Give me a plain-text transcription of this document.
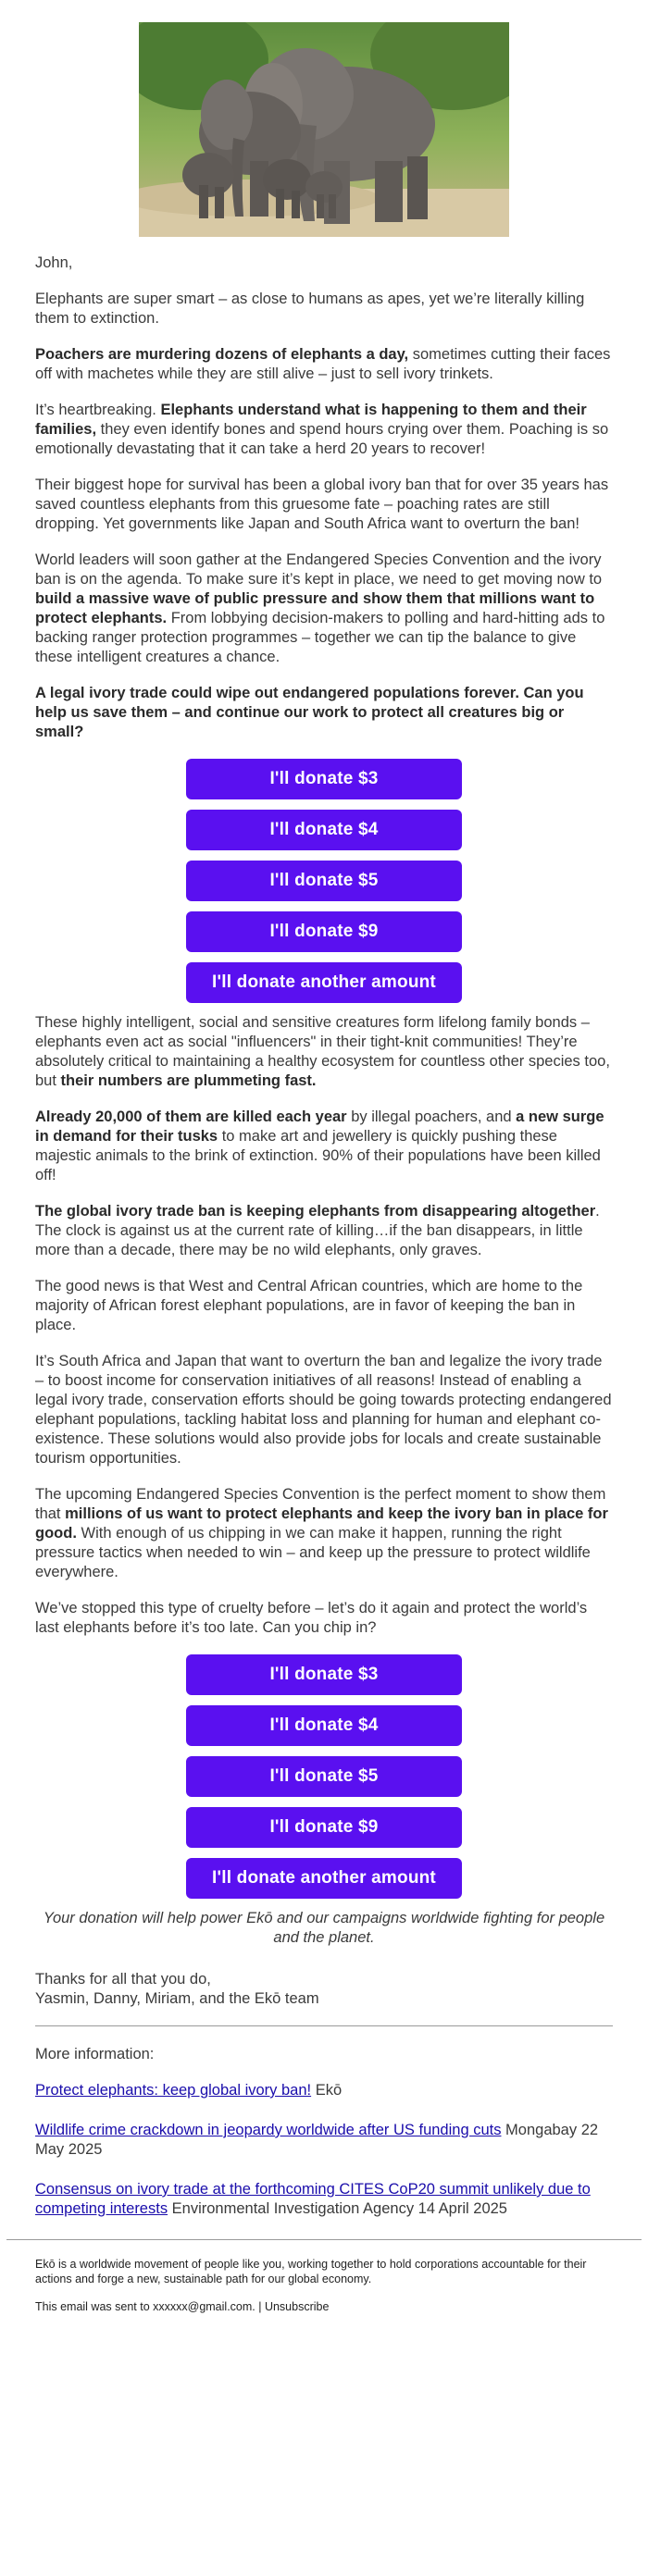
John,

Elephants are super smart – as close to humans as apes, yet we’re literally killing them to extinction.

Poachers are murdering dozens of elephants a day, sometimes cutting their faces off with machetes while they are still alive – just to sell ivory trinkets.

It’s heartbreaking. Elephants understand what is happening to them and their families, they even identify bones and spend hours crying over them. Poaching is so emotionally devastating that it can take a herd 20 years to recover!

Their biggest hope for survival has been a global ivory ban that for over 35 years has saved countless elephants from this gruesome fate – poaching rates are still dropping. Yet governments like Japan and South Africa want to overturn the ban!

World leaders will soon gather at the Endangered Species Convention and the ivory ban is on the agenda. To make sure it’s kept in place, we need to get moving now to build a massive wave of public pressure and show them that millions want to protect elephants. From lobbying decision-makers to polling and hard-hitting ads to backing ranger protection programmes – together we can tip the balance to give these intelligent creatures a chance.

A legal ivory trade could wipe out endangered populations forever. Can you help us save them – and continue our work to protect all creatures big or small?

I'll donate $3
I'll donate $4
I'll donate $5
I'll donate $9
I'll donate another amount

These highly intelligent, social and sensitive creatures form lifelong family bonds – elephants even act as social "influencers" in their tight-knit communities! They’re absolutely critical to maintaining a healthy ecosystem for countless other species too, but their numbers are plummeting fast.

Already 20,000 of them are killed each year by illegal poachers, and a new surge in demand for their tusks to make art and jewellery is quickly pushing these majestic animals to the brink of extinction. 90% of their populations have been killed off!

The global ivory trade ban is keeping elephants from disappearing altogether. The clock is against us at the current rate of killing…if the ban disappears, in little more than a decade, there may be no wild elephants, only graves.

The good news is that West and Central African countries, which are home to the majority of African forest elephant populations, are in favor of keeping the ban in place.

It’s South Africa and Japan that want to overturn the ban and legalize the ivory trade – to boost income for conservation initiatives of all reasons! Instead of enabling a legal ivory trade, conservation efforts should be going towards protecting endangered elephant populations, tackling habitat loss and planning for human and elephant co-existence. These solutions would also provide jobs for locals and create sustainable tourism opportunities.

The upcoming Endangered Species Convention is the perfect moment to show them that millions of us want to protect elephants and keep the ivory ban in place for good. With enough of us chipping in we can make it happen, running the right pressure tactics when needed to win – and keep up the pressure to protect wildlife everywhere.

We’ve stopped this type of cruelty before – let’s do it again and protect the world’s last elephants before it’s too late. Can you chip in?

I'll donate $3
I'll donate $4
I'll donate $5
I'll donate $9
I'll donate another amount

Your donation will help power Ekō and our campaigns worldwide fighting for people and the planet.

Thanks for all that you do,
Yasmin, Danny, Miriam, and the Ekō team

More information:

Protect elephants: keep global ivory ban! Ekō

Wildlife crime crackdown in jeopardy worldwide after US funding cuts Mongabay 22 May 2025

Consensus on ivory trade at the forthcoming CITES CoP20 summit unlikely due to competing interests Environmental Investigation Agency 14 April 2025

Ekō is a worldwide movement of people like you, working together to hold corporations accountable for their actions and forge a new, sustainable path for our global economy.

This email was sent to xxxxxx@gmail.com. | Unsubscribe
